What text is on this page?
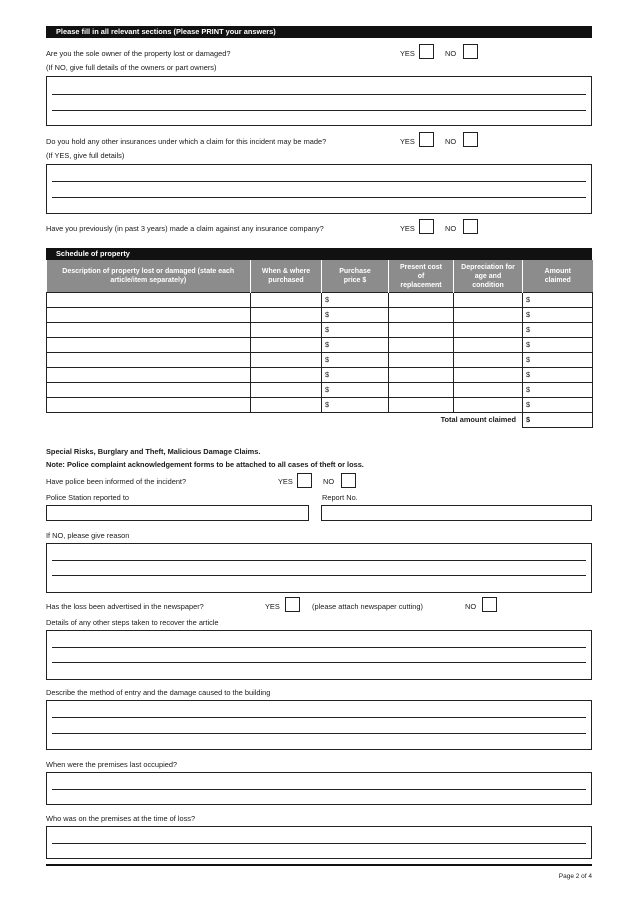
Please fill in all relevant sections (Please PRINT your answers)
Are you the sole owner of the property lost or damaged?	YES	NO
(If NO, give full details of the owners or part owners)
Do you hold any other insurances under which a claim for this incident may be made?	YES	NO
(If YES, give full details)
Have you previously (in past 3 years) made a claim against any insurance company?	YES	NO
Schedule of property
Description of property lost or damaged (state each article/item separately)	When & where purchased	Purchase price $	Present cost of replacement	Depreciation for age and condition	Amount claimed
		$			$
		$			$
		$			$
		$			$
		$			$
		$			$
		$			$
		$			$
Total amount claimed					$
Special Risks, Burglary and Theft, Malicious Damage Claims.
Note: Police complaint acknowledgement forms to be attached to all cases of theft or loss.
Have police been informed of the incident?	YES	NO
Police Station reported to	Report No.
If NO, please give reason
Has the loss been advertised in the newspaper?	YES	(please attach newspaper cutting)	NO
Details of any other steps taken to recover the article
Describe the method of entry and the damage caused to the building
When were the premises last occupied?
Who was on the premises at the time of loss?
Page 2 of 4
